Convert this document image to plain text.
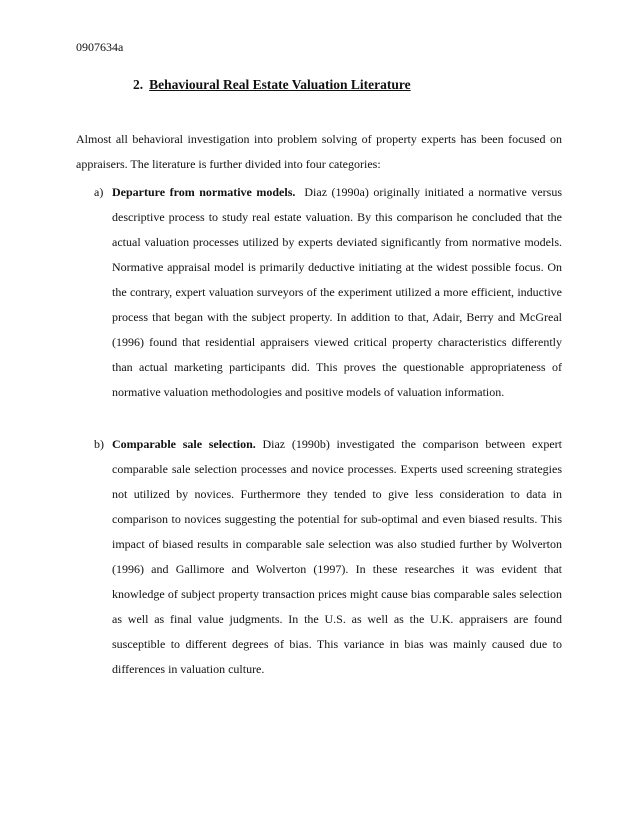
0907634a
2. Behavioural Real Estate Valuation Literature
Almost all behavioral investigation into problem solving of property experts has been focused on appraisers. The literature is further divided into four categories:
a) Departure from normative models. Diaz (1990a) originally initiated a normative versus descriptive process to study real estate valuation. By this comparison he concluded that the actual valuation processes utilized by experts deviated significantly from normative models. Normative appraisal model is primarily deductive initiating at the widest possible focus. On the contrary, expert valuation surveyors of the experiment utilized a more efficient, inductive process that began with the subject property. In addition to that, Adair, Berry and McGreal (1996) found that residential appraisers viewed critical property characteristics differently than actual marketing participants did. This proves the questionable appropriateness of normative valuation methodologies and positive models of valuation information.
b) Comparable sale selection. Diaz (1990b) investigated the comparison between expert comparable sale selection processes and novice processes. Experts used screening strategies not utilized by novices. Furthermore they tended to give less consideration to data in comparison to novices suggesting the potential for sub-optimal and even biased results. This impact of biased results in comparable sale selection was also studied further by Wolverton (1996) and Gallimore and Wolverton (1997). In these researches it was evident that knowledge of subject property transaction prices might cause bias comparable sales selection as well as final value judgments. In the U.S. as well as the U.K. appraisers are found susceptible to different degrees of bias. This variance in bias was mainly caused due to differences in valuation culture.
